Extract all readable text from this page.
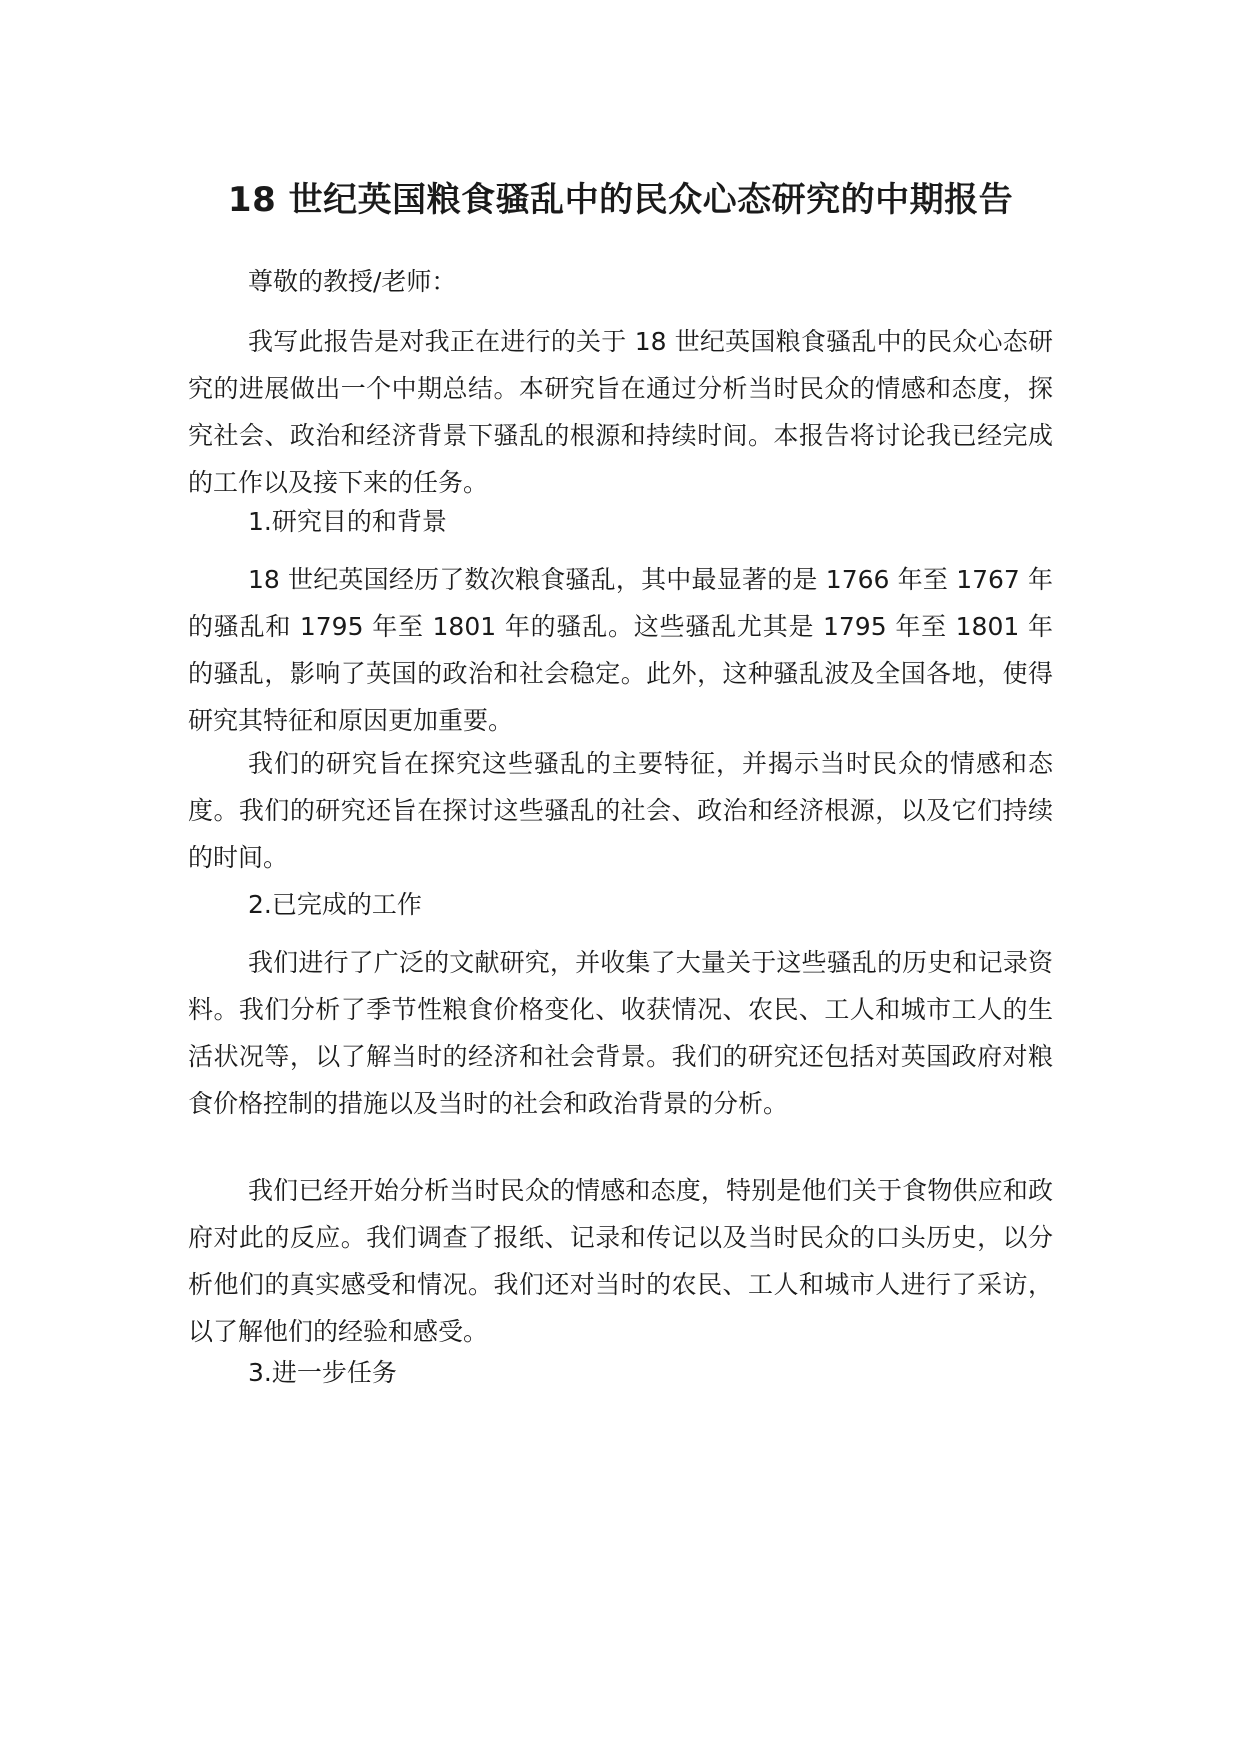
18 世纪英国粮食骚乱中的民众心态研究的中期报告

尊敬的教授/老师：

我写此报告是对我正在进行的关于 18 世纪英国粮食骚乱中的民众心态研究的进展做出一个中期总结。本研究旨在通过分析当时民众的情感和态度，探究社会、政治和经济背景下骚乱的根源和持续时间。本报告将讨论我已经完成的工作以及接下来的任务。

1.研究目的和背景

18 世纪英国经历了数次粮食骚乱，其中最显著的是 1766 年至 1767 年的骚乱和 1795 年至 1801 年的骚乱。这些骚乱尤其是 1795 年至 1801 年的骚乱，影响了英国的政治和社会稳定。此外，这种骚乱波及全国各地，使得研究其特征和原因更加重要。

我们的研究旨在探究这些骚乱的主要特征，并揭示当时民众的情感和态度。我们的研究还旨在探讨这些骚乱的社会、政治和经济根源，以及它们持续的时间。

2.已完成的工作

我们进行了广泛的文献研究，并收集了大量关于这些骚乱的历史和记录资料。我们分析了季节性粮食价格变化、收获情况、农民、工人和城市工人的生活状况等，以了解当时的经济和社会背景。我们的研究还包括对英国政府对粮食价格控制的措施以及当时的社会和政治背景的分析。

我们已经开始分析当时民众的情感和态度，特别是他们关于食物供应和政府对此的反应。我们调查了报纸、记录和传记以及当时民众的口头历史，以分析他们的真实感受和情况。我们还对当时的农民、工人和城市人进行了采访，以了解他们的经验和感受。

3.进一步任务
